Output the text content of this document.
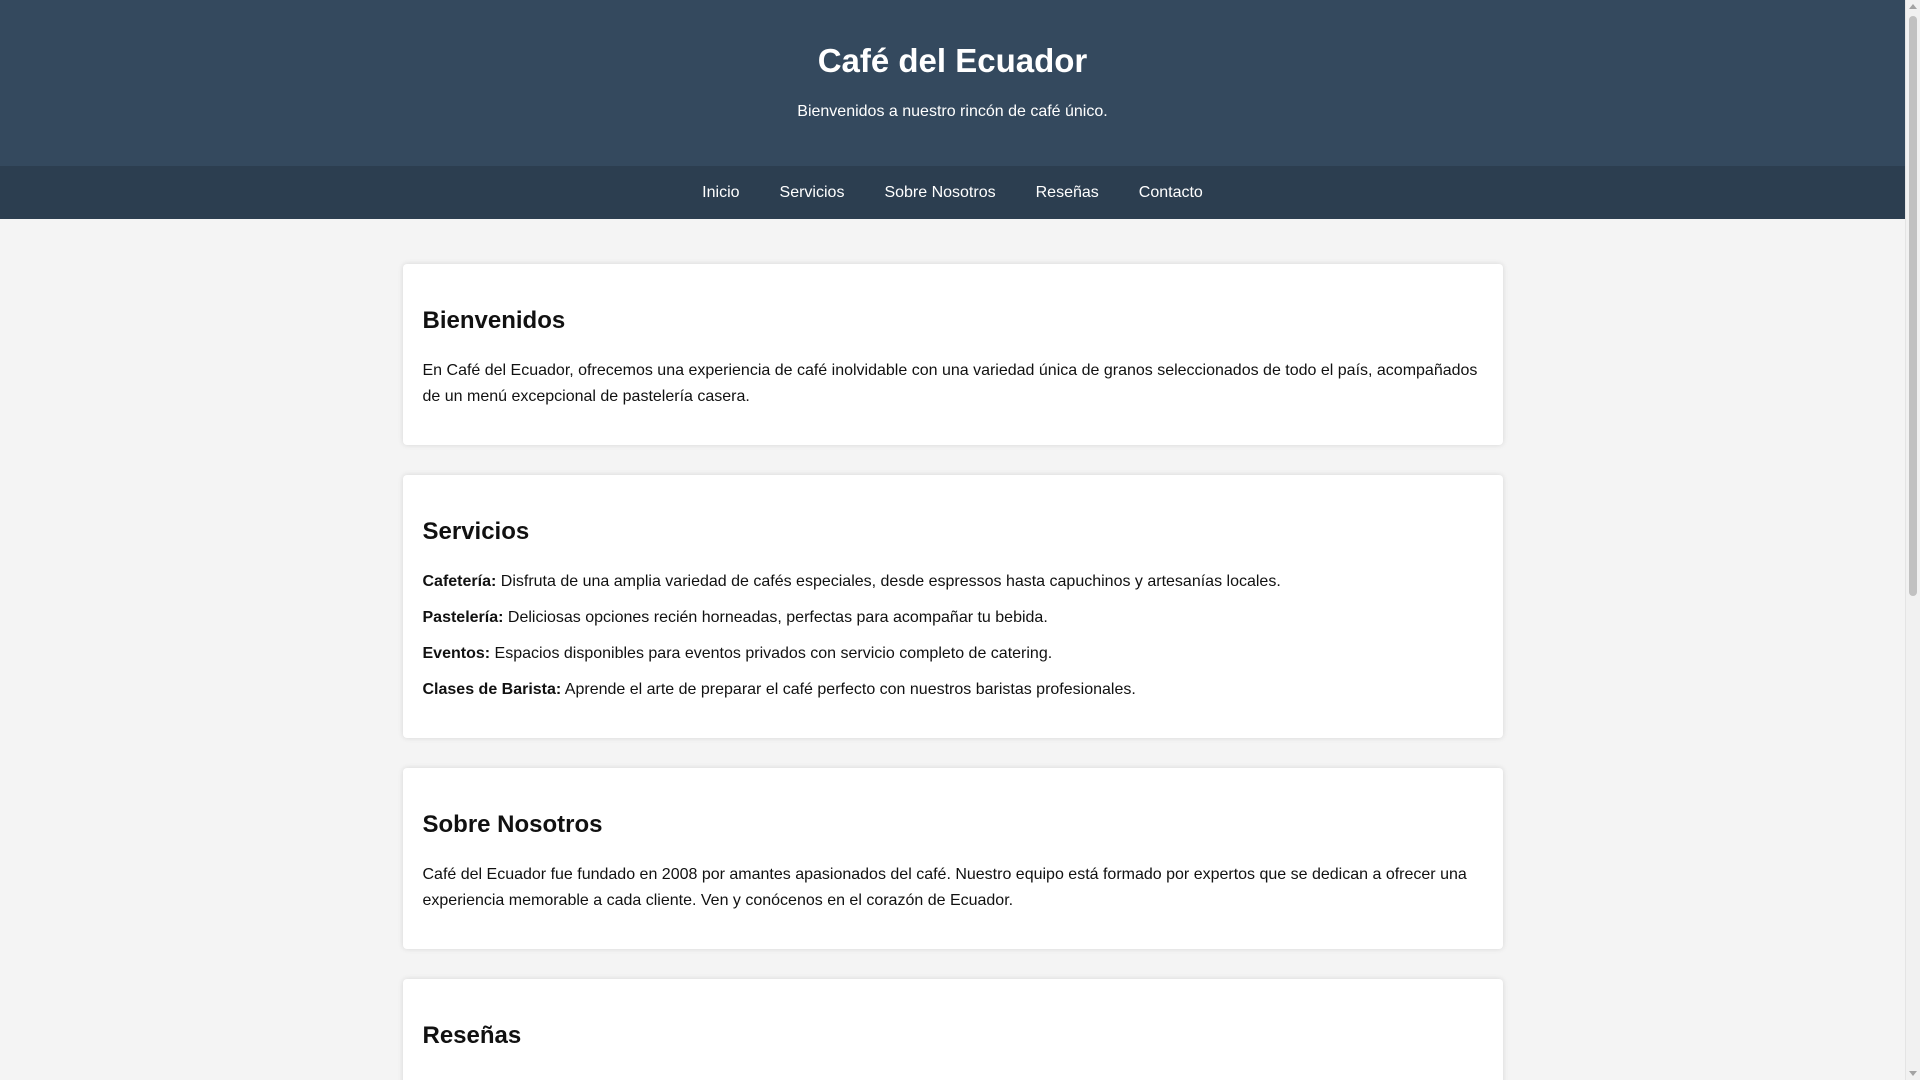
Café del Ecuador

Bienvenidos a nuestro rincón de café único.

Inicio	Servicios	Sobre Nosotros	Reseñas	Contacto
Bienvenidos

En Café del Ecuador, ofrecemos una experiencia de café inolvidable con una variedad única de granos seleccionados de todo el país, acompañados de un menú excepcional de pastelería casera.

Servicios

Cafetería: Disfruta de una amplia variedad de cafés especiales, desde espressos hasta capuchinos y artesanías locales.

Pastelería: Deliciosas opciones recién horneadas, perfectas para acompañar tu bebida.

Eventos: Espacios disponibles para eventos privados con servicio completo de catering.

Clases de Barista: Aprende el arte de preparar el café perfecto con nuestros baristas profesionales.

Sobre Nosotros

Café del Ecuador fue fundado en 2008 por amantes apasionados del café. Nuestro equipo está formado por expertos que se dedican a ofrecer una experiencia memorable a cada cliente. Ven y conócenos en el corazón de Ecuador.

Reseñas
